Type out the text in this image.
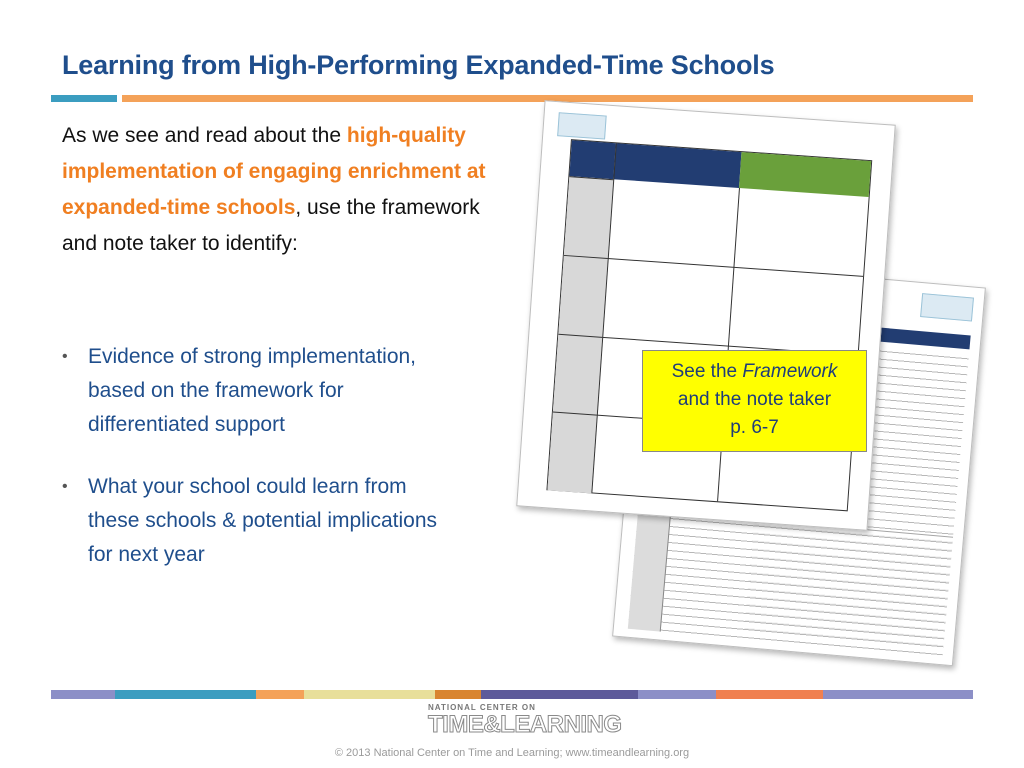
Learning from High-Performing Expanded-Time Schools
As we see and read about the high-quality implementation of engaging enrichment at expanded-time schools, use the framework and note taker to identify:
• Evidence of strong implementation, based on the framework for differentiated support
• What your school could learn from these schools & potential implications for next year
See the Framework
and the note taker
p. 6-7
NATIONAL CENTER ON
TIME&LEARNING
© 2013 National Center on Time and Learning; www.timeandlearning.org
